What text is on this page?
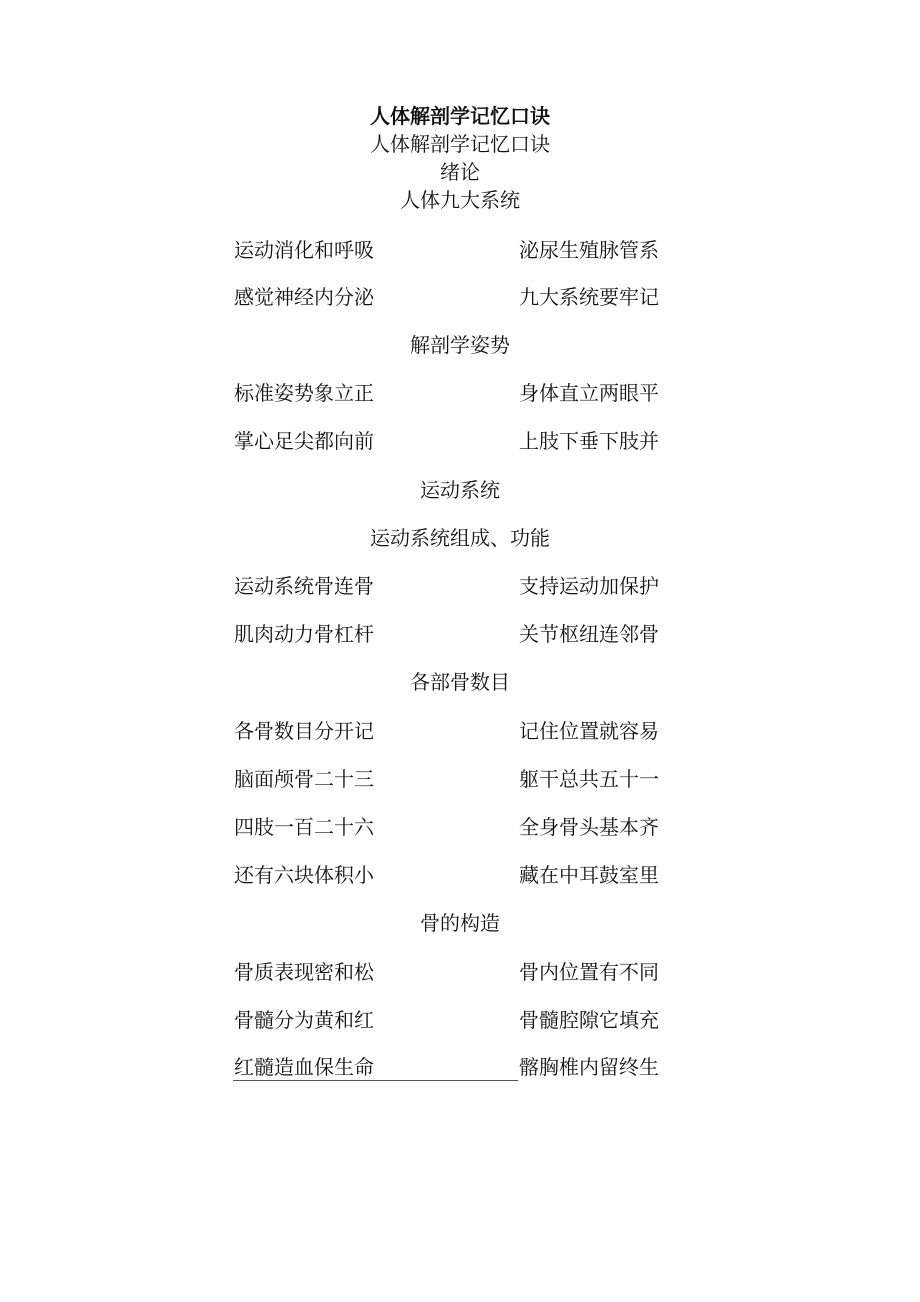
人体解剖学记忆口诀
人体解剖学记忆口诀
绪论
人体九大系统
运动消化和呼吸	泌尿生殖脉管系
感觉神经内分泌	九大系统要牢记
解剖学姿势
标准姿势象立正	身体直立两眼平
掌心足尖都向前	上肢下垂下肢并
运动系统
运动系统组成、功能
运动系统骨连骨	支持运动加保护
肌肉动力骨杠杆	关节枢纽连邻骨
各部骨数目
各骨数目分开记	记住位置就容易
脑面颅骨二十三	躯干总共五十一
四肢一百二十六	全身骨头基本齐
还有六块体积小	藏在中耳鼓室里
骨的构造
骨质表现密和松	骨内位置有不同
骨髓分为黄和红	骨髓腔隙它填充
红髓造血保生命	髂胸椎内留终生
